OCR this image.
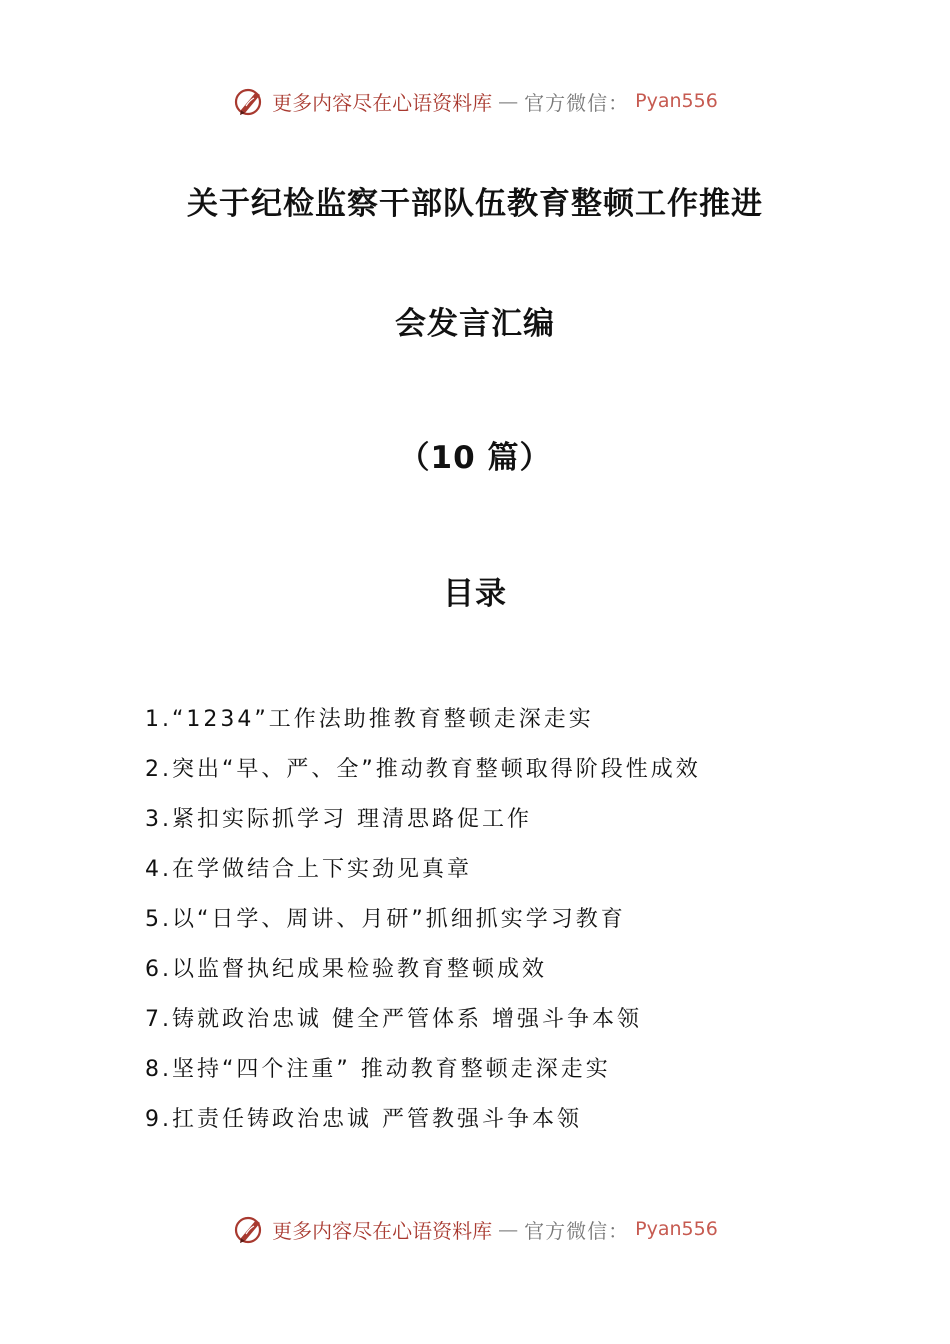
更多内容尽在心语资料库 — 官方微信： Pyan556
关于纪检监察干部队伍教育整顿工作推进
会发言汇编
（10 篇）
目录
1.“1234”工作法助推教育整顿走深走实
2.突出“早、严、全”推动教育整顿取得阶段性成效
3.紧扣实际抓学习 理清思路促工作
4.在学做结合上下实劲见真章
5.以“日学、周讲、月研”抓细抓实学习教育
6.以监督执纪成果检验教育整顿成效
7.铸就政治忠诚 健全严管体系 增强斗争本领
8.坚持“四个注重” 推动教育整顿走深走实
9.扛责任铸政治忠诚 严管教强斗争本领
更多内容尽在心语资料库 — 官方微信： Pyan556
